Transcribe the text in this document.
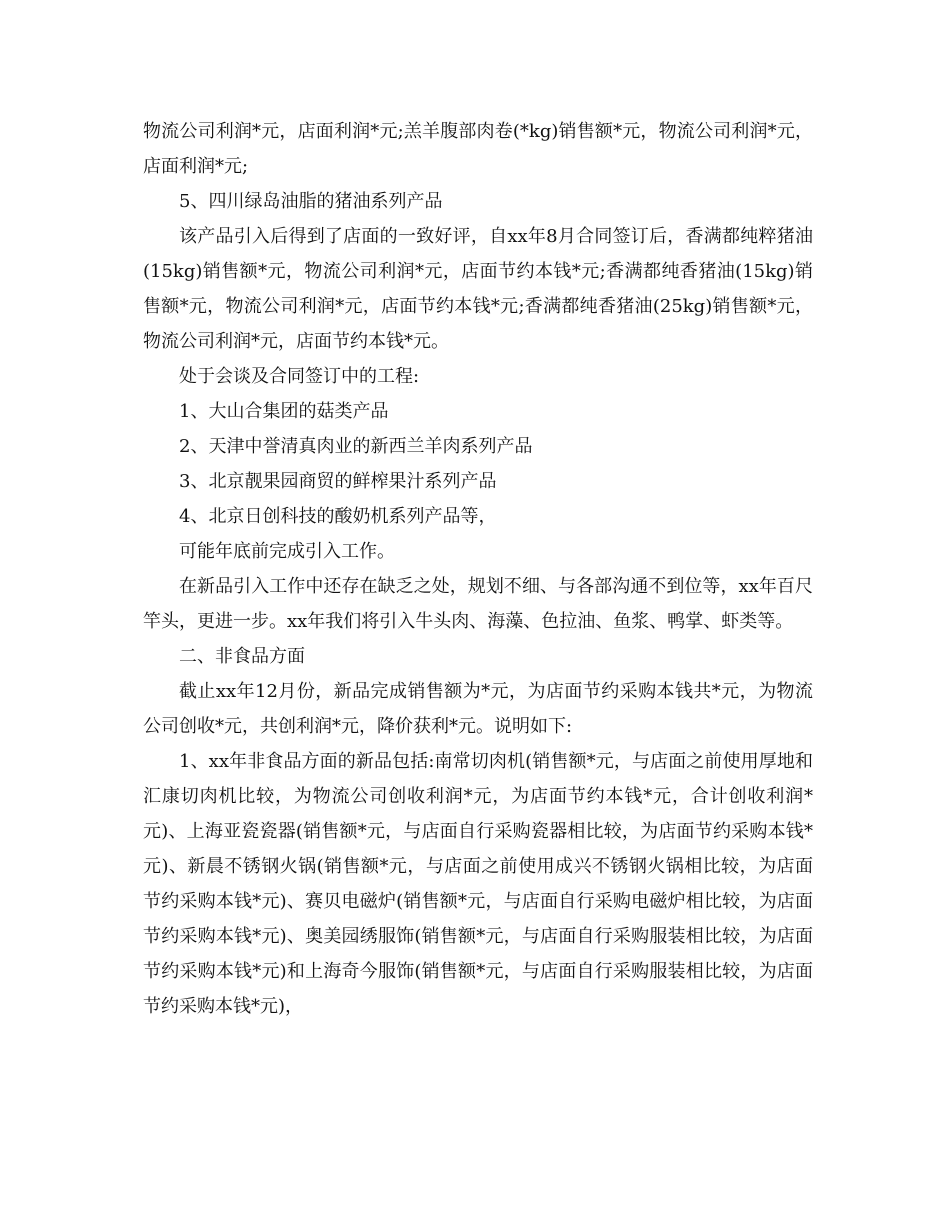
物流公司利润*元，店面利润*元;羔羊腹部肉卷(*kg)销售额*元，物流公司利润*元，店面利润*元;

5、四川绿岛油脂的猪油系列产品

该产品引入后得到了店面的一致好评，自xx年8月合同签订后，香满都纯粹猪油(15kg)销售额*元，物流公司利润*元，店面节约本钱*元;香满都纯香猪油(15kg)销售额*元，物流公司利润*元，店面节约本钱*元;香满都纯香猪油(25kg)销售额*元，物流公司利润*元，店面节约本钱*元。

处于会谈及合同签订中的工程:

1、大山合集团的菇类产品

2、天津中誉清真肉业的新西兰羊肉系列产品

3、北京靓果园商贸的鲜榨果汁系列产品

4、北京日创科技的酸奶机系列产品等，

可能年底前完成引入工作。

在新品引入工作中还存在缺乏之处，规划不细、与各部沟通不到位等，xx年百尺竿头，更进一步。xx年我们将引入牛头肉、海藻、色拉油、鱼浆、鸭掌、虾类等。

二、非食品方面

截止xx年12月份，新品完成销售额为*元，为店面节约采购本钱共*元，为物流公司创收*元，共创利润*元，降价获利*元。说明如下:

1、xx年非食品方面的新品包括:南常切肉机(销售额*元，与店面之前使用厚地和汇康切肉机比较，为物流公司创收利润*元，为店面节约本钱*元，合计创收利润*元)、上海亚瓷瓷器(销售额*元，与店面自行采购瓷器相比较，为店面节约采购本钱*元)、新晨不锈钢火锅(销售额*元，与店面之前使用成兴不锈钢火锅相比较，为店面节约采购本钱*元)、赛贝电磁炉(销售额*元，与店面自行采购电磁炉相比较，为店面节约采购本钱*元)、奥美园绣服饰(销售额*元，与店面自行采购服装相比较，为店面节约采购本钱*元)和上海奇今服饰(销售额*元，与店面自行采购服装相比较，为店面节约采购本钱*元)，
